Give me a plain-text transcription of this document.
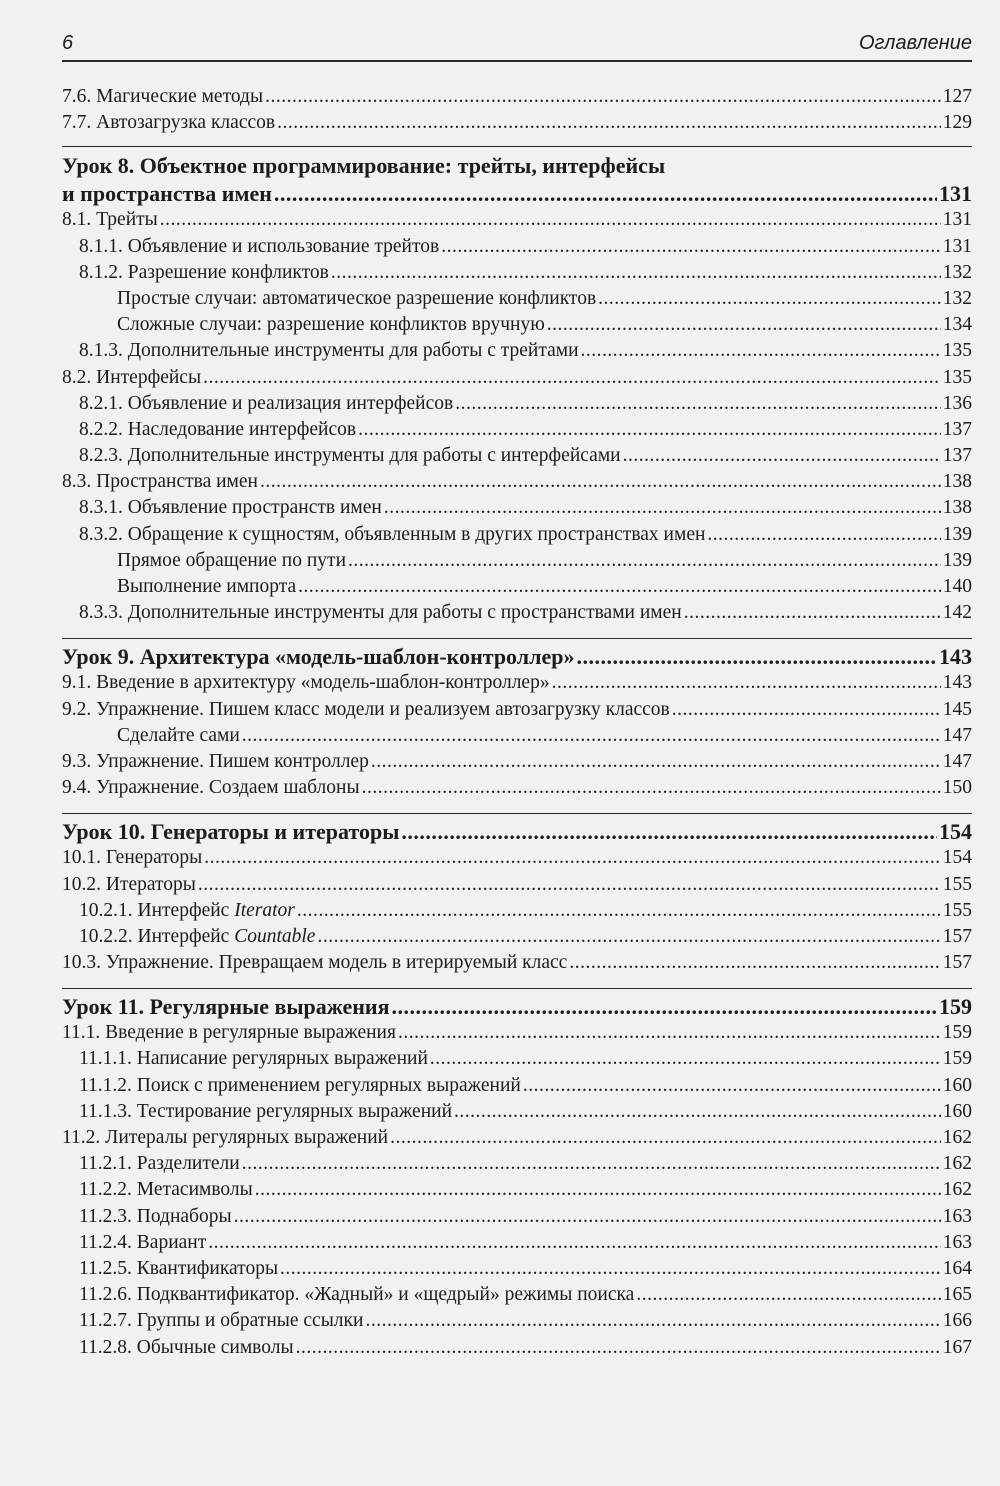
6	Оглавление
7.6. Магические методы .....	127
7.7. Автозагрузка классов .....	129
Урок 8. Объектное программирование: трейты, интерфейсы
и пространства имен .....	131
8.1. Трейты .....	131
8.1.1. Объявление и использование трейтов .....	131
8.1.2. Разрешение конфликтов .....	132
Простые случаи: автоматическое разрешение конфликтов .....	132
Сложные случаи: разрешение конфликтов вручную .....	134
8.1.3. Дополнительные инструменты для работы с трейтами .....	135
8.2. Интерфейсы .....	135
8.2.1. Объявление и реализация интерфейсов .....	136
8.2.2. Наследование интерфейсов .....	137
8.2.3. Дополнительные инструменты для работы с интерфейсами .....	137
8.3. Пространства имен .....	138
8.3.1. Объявление пространств имен .....	138
8.3.2. Обращение к сущностям, объявленным в других пространствах имен .....	139
Прямое обращение по пути .....	139
Выполнение импорта .....	140
8.3.3. Дополнительные инструменты для работы с пространствами имен .....	142
Урок 9. Архитектура «модель-шаблон-контроллер» .....	143
9.1. Введение в архитектуру «модель-шаблон-контроллер» .....	143
9.2. Упражнение. Пишем класс модели и реализуем автозагрузку классов .....	145
Сделайте сами .....	147
9.3. Упражнение. Пишем контроллер .....	147
9.4. Упражнение. Создаем шаблоны .....	150
Урок 10. Генераторы и итераторы .....	154
10.1. Генераторы .....	154
10.2. Итераторы .....	155
10.2.1. Интерфейс Iterator .....	155
10.2.2. Интерфейс Countable .....	157
10.3. Упражнение. Превращаем модель в итерируемый класс .....	157
Урок 11. Регулярные выражения .....	159
11.1. Введение в регулярные выражения .....	159
11.1.1. Написание регулярных выражений .....	159
11.1.2. Поиск с применением регулярных выражений .....	160
11.1.3. Тестирование регулярных выражений .....	160
11.2. Литералы регулярных выражений .....	162
11.2.1. Разделители .....	162
11.2.2. Метасимволы .....	162
11.2.3. Поднаборы .....	163
11.2.4. Вариант .....	163
11.2.5. Квантификаторы .....	164
11.2.6. Подквантификатор. «Жадный» и «щедрый» режимы поиска .....	165
11.2.7. Группы и обратные ссылки .....	166
11.2.8. Обычные символы .....	167
